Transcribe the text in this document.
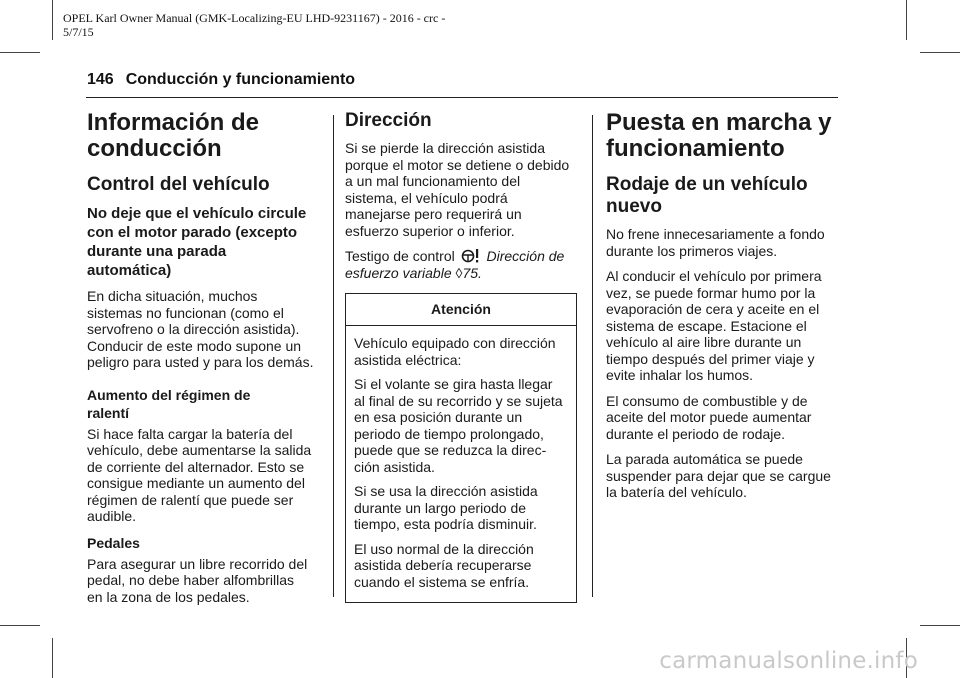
OPEL Karl Owner Manual (GMK-Localizing-EU LHD-9231167) - 2016 - crc -
5/7/15
146 Conducción y funcionamiento
Información de
conducción
Control del vehículo
No deje que el vehículo circule
con el motor parado (excepto
durante una parada
automática)

En dicha situación, muchos
sistemas no funcionan (como el
servofreno o la dirección asistida).
Conducir de este modo supone un
peligro para usted y para los demás.

Aumento del régimen de
ralentí

Si hace falta cargar la batería del
vehículo, debe aumentarse la salida
de corriente del alternador. Esto se
consigue mediante un aumento del
régimen de ralentí que puede ser
audible.

Pedales

Para asegurar un libre recorrido del
pedal, no debe haber alfombrillas
en la zona de los pedales.

Dirección

Si se pierde la dirección asistida
porque el motor se detiene o debido
a un mal funcionamiento del
sistema, el vehículo podrá
manejarse pero requerirá un
esfuerzo superior o inferior.

Testigo de control Dirección de
esfuerzo variable ◊75.

Atención

Vehículo equipado con dirección
asistida eléctrica:

Si el volante se gira hasta llegar
al final de su recorrido y se sujeta
en esa posición durante un
periodo de tiempo prolongado,
puede que se reduzca la direc-
ción asistida.

Si se usa la dirección asistida
durante un largo periodo de
tiempo, esta podría disminuir.

El uso normal de la dirección
asistida debería recuperarse
cuando el sistema se enfría.

Puesta en marcha y
funcionamiento
Rodaje de un vehículo
nuevo

No frene innecesariamente a fondo
durante los primeros viajes.

Al conducir el vehículo por primera
vez, se puede formar humo por la
evaporación de cera y aceite en el
sistema de escape. Estacione el
vehículo al aire libre durante un
tiempo después del primer viaje y
evite inhalar los humos.

El consumo de combustible y de
aceite del motor puede aumentar
durante el periodo de rodaje.

La parada automática se puede
suspender para dejar que se cargue
la batería del vehículo.

carmanualsonline.info
